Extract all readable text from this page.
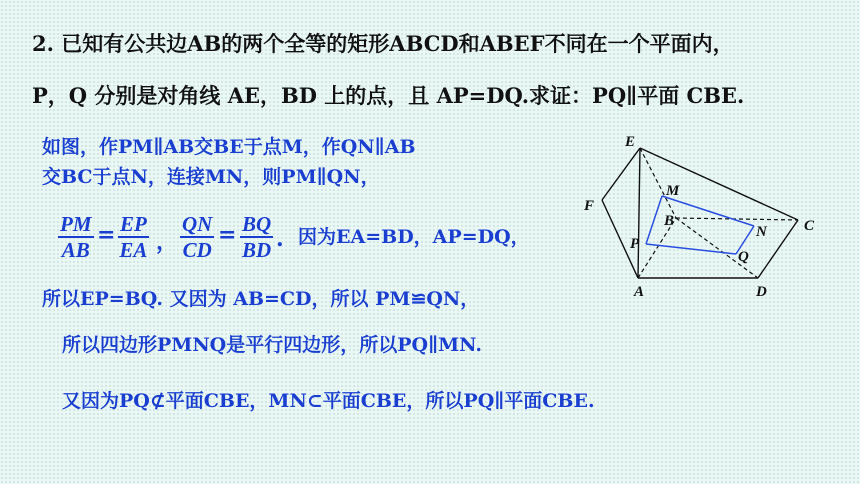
2. 已知有公共边AB的两个全等的矩形ABCD和ABEF不同在一个平面内，
P，Q 分别是对角线 AE，BD 上的点，且 AP=DQ.求证：PQ∥平面 CBE.
如图，作PM∥AB交BE于点M，作QN∥AB
交BC于点N，连接MN，则PM∥QN，
$\frac{PM}{AB} = \frac{EP}{EA}$ ， $\frac{QN}{CD} = \frac{BQ}{BD}$ . 因为EA=BD，AP=DQ，
所以EP=BQ. 又因为 AB=CD，所以 PM≌QN，
所以四边形PMNQ是平行四边形，所以PQ∥MN.
又因为PQ⊄平面CBE，MN⊂平面CBE，所以PQ∥平面CBE.
E
F
M
B
N C
P
Q
A	D
